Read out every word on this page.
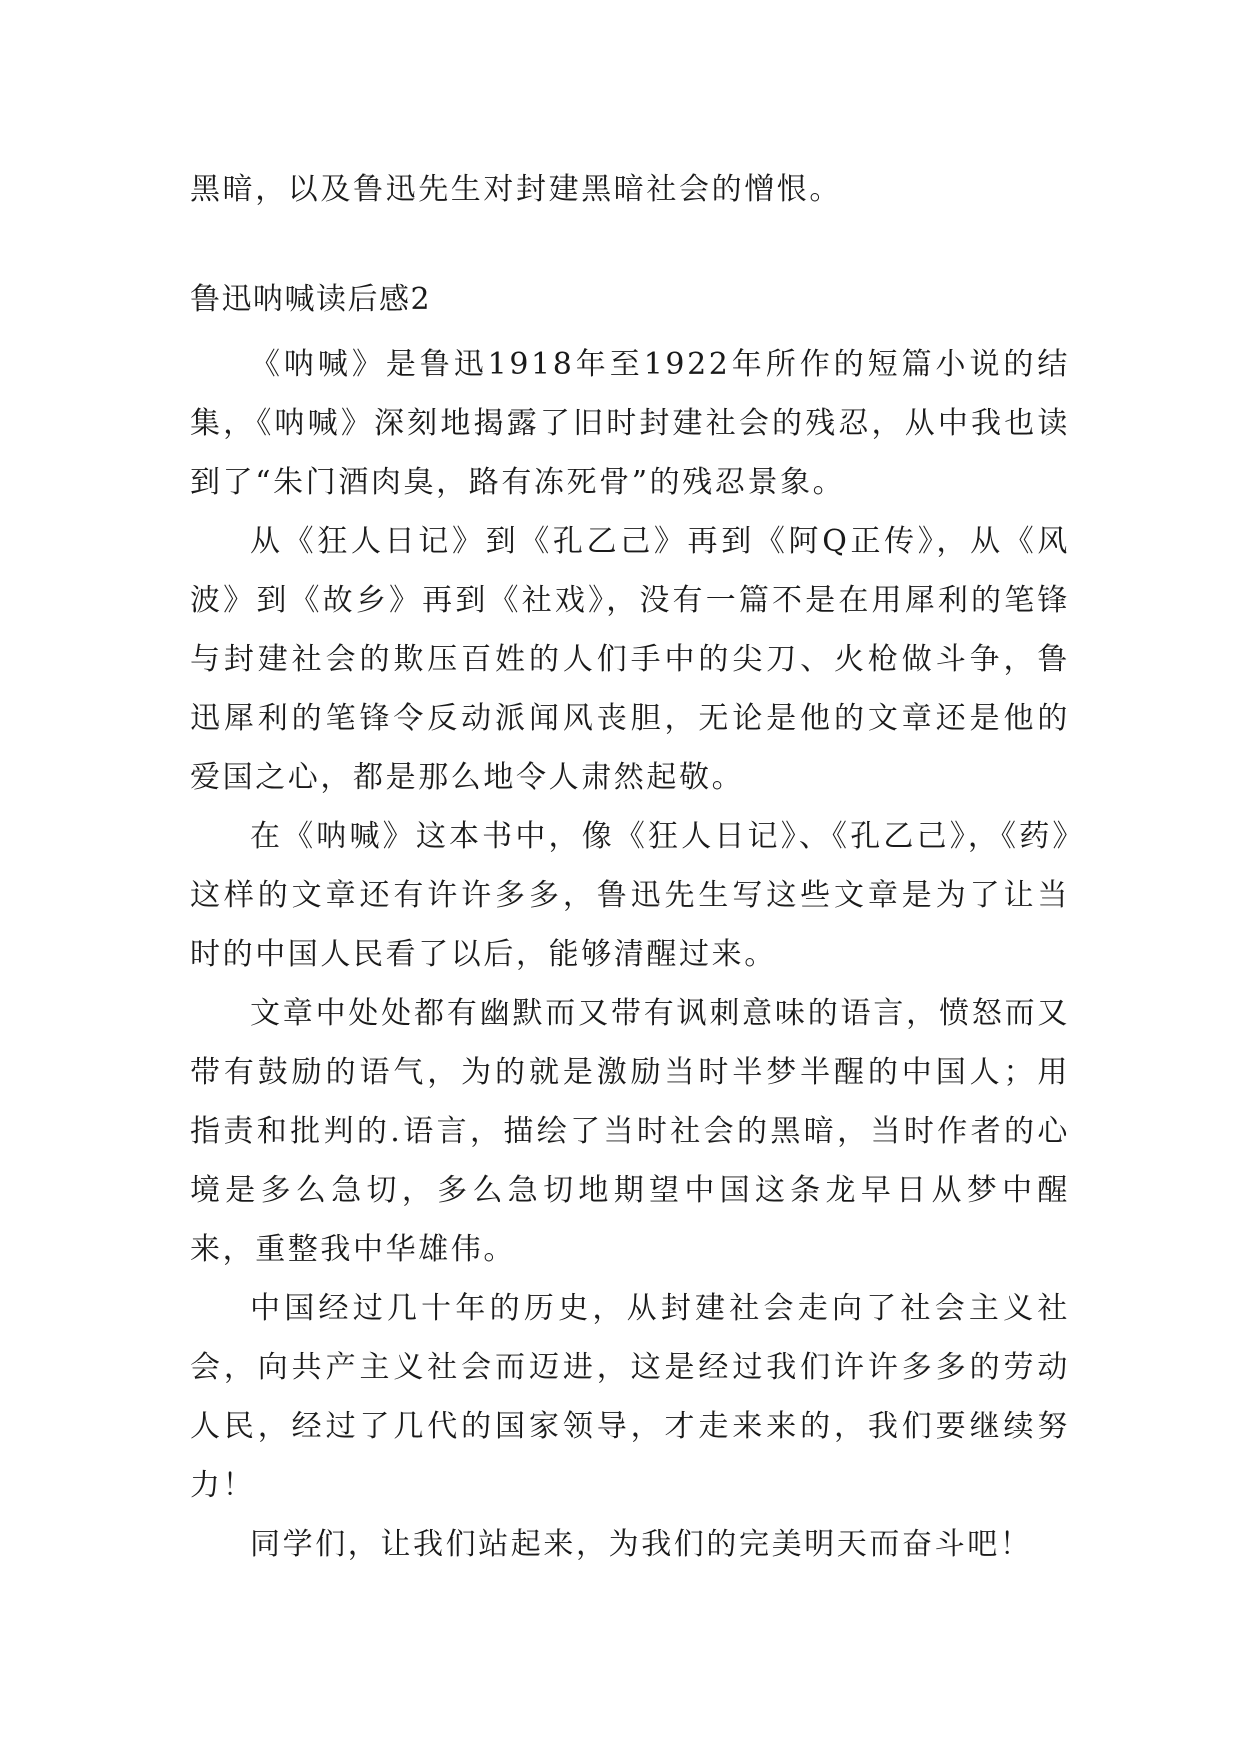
黑暗，以及鲁迅先生对封建黑暗社会的憎恨。
鲁迅呐喊读后感2

《呐喊》是鲁迅1918年至1922年所作的短篇小说的结集，《呐喊》深刻地揭露了旧时封建社会的残忍，从中我也读到了“朱门酒肉臭，路有冻死骨”的残忍景象。

从《狂人日记》到《孔乙己》再到《阿Q正传》，从《风波》到《故乡》再到《社戏》，没有一篇不是在用犀利的笔锋与封建社会的欺压百姓的人们手中的尖刀、火枪做斗争，鲁迅犀利的笔锋令反动派闻风丧胆，无论是他的文章还是他的爱国之心，都是那么地令人肃然起敬。

在《呐喊》这本书中，像《狂人日记》、《孔乙己》，《药》这样的文章还有许许多多，鲁迅先生写这些文章是为了让当时的中国人民看了以后，能够清醒过来。

文章中处处都有幽默而又带有讽刺意味的语言，愤怒而又带有鼓励的语气，为的就是激励当时半梦半醒的中国人；用指责和批判的.语言，描绘了当时社会的黑暗，当时作者的心境是多么急切，多么急切地期望中国这条龙早日从梦中醒来，重整我中华雄伟。

中国经过几十年的历史，从封建社会走向了社会主义社会，向共产主义社会而迈进，这是经过我们许许多多的劳动人民，经过了几代的国家领导，才走来来的，我们要继续努力！

同学们，让我们站起来，为我们的完美明天而奋斗吧！
